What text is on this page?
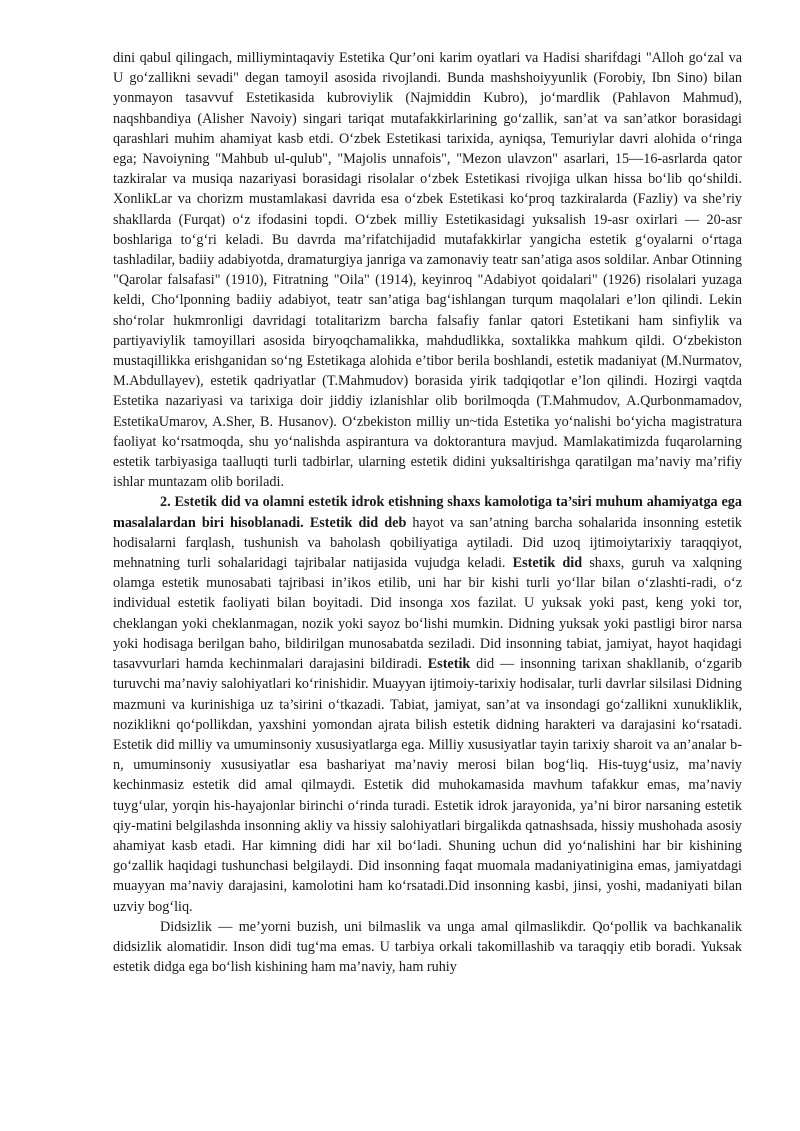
dini qabul qilingach, milliymintaqaviy Estetika Qur’oni karim oyatlari va Hadisi sharifdagi "Alloh go‘zal va U go‘zallikni sevadi" degan tamoyil asosida rivojlandi. Bunda mashshoiyyunlik (Forobiy, Ibn Sino) bilan yonmayon tasavvuf Estetikasida kubroviylik (Najmiddin Kubro), jo‘mardlik (Pahlavon Mahmud), naqshbandiya (Alisher Navoiy) singari tariqat mutafakkirlarining go‘zallik, san’at va san’atkor borasidagi qarashlari muhim ahamiyat kasb etdi. O‘zbek Estetikasi tarixida, ayniqsa, Temuriylar davri alohida o‘ringa ega; Navoiyning "Mahbub ul-qulub", "Majolis unnafois", "Mezon ulavzon" asarlari, 15—16-asrlarda qator tazkiralar va musiqa nazariyasi borasidagi risolalar o‘zbek Estetikasi rivojiga ulkan hissa bo‘lib qo‘shildi. XonlikLar va chorizm mustamlakasi davrida esa o‘zbek Estetikasi ko‘proq tazkiralarda (Fazliy) va she’riy shakllarda (Furqat) o‘z ifodasini topdi. O‘zbek milliy Estetikasidagi yuksalish 19-asr oxirlari — 20-asr boshlariga to‘g‘ri keladi. Bu davrda ma’rifatchijadid mutafakkirlar yangicha estetik g‘oyalarni o‘rtaga tashladilar, badiiy adabiyotda, dramaturgiya janriga va zamonaviy teatr san’atiga asos soldilar. Anbar Otinning "Qarolar falsafasi" (1910), Fitratning "Oila" (1914), keyinroq "Adabiyot qoidalari" (1926) risolalari yuzaga keldi, Cho‘lponning badiiy adabiyot, teatr san’atiga bag‘ishlangan turqum maqolalari e’lon qilindi. Lekin sho‘rolar hukmronligi davridagi totalitarizm barcha falsafiy fanlar qatori Estetikani ham sinfiylik va partiyaviylik tamoyillari asosida biryoqchamalikka, mahdudlikka, soxtalikka mahkum qildi. O‘zbekiston mustaqillikka erishganidan so‘ng Estetikaga alohida e’tibor berila boshlandi, estetik madaniyat (M.Nurmatov, M.Abdullayev), estetik qadriyatlar (T.Mahmudov) borasida yirik tadqiqotlar e’lon qilindi. Hozirgi vaqtda Estetika nazariyasi va tarixiga doir jiddiy izlanishlar olib borilmoqda (T.Mahmudov, A.Qurbonmamadov, EstetikaUmarov, A.Sher, B. Husanov). O‘zbekiston milliy un~tida Estetika yo‘nalishi bo‘yicha magistratura faoliyat ko‘rsatmoqda, shu yo‘nalishda aspirantura va doktorantura mavjud. Mamlakatimizda fuqarolarning estetik tarbiyasiga taalluqti turli tadbirlar, ularning estetik didini yuksaltirishga qaratilgan ma’naviy ma’rifiy ishlar muntazam olib boriladi.

2. Estetik did va olamni estetik idrok etishning shaxs kamolotiga ta’siri muhum ahamiyatga ega masalalardan biri hisoblanadi. Estetik did deb hayot va san’atning barcha sohalarida insonning estetik hodisalarni farqlash, tushunish va baholash qobiliyatiga aytiladi. Did uzoq ijtimoiytarixiy taraqqiyot, mehnatning turli sohalaridagi tajribalar natijasida vujudga keladi. Estetik did shaxs, guruh va xalqning olamga estetik munosabati tajribasi in’ikos etilib, uni har bir kishi turli yo‘llar bilan o‘zlashti-radi, o‘z individual estetik faoliyati bilan boyitadi. Did insonga xos fazilat. U yuksak yoki past, keng yoki tor, cheklangan yoki cheklanmagan, nozik yoki sayoz bo‘lishi mumkin. Didning yuksak yoki pastligi biror narsa yoki hodisaga berilgan baho, bildirilgan munosabatda seziladi. Did insonning tabiat, jamiyat, hayot haqidagi tasavvurlari hamda kechinmalari darajasini bildiradi. Estetik did — insonning tarixan shakllanib, o‘zgarib turuvchi ma’naviy salohiyatlari ko‘rinishidir. Muayyan ijtimoiy-tarixiy hodisalar, turli davrlar silsilasi Didning mazmuni va kurinishiga uz ta’sirini o‘tkazadi. Tabiat, jamiyat, san’at va insondagi go‘zallikni xunukliklik, noziklikni qo‘pollikdan, yaxshini yomondan ajrata bilish estetik didning harakteri va darajasini ko‘rsatadi. Estetik did milliy va umuminsoniy xususiyatlarga ega. Milliy xususiyatlar tayin tarixiy sharoit va an’analar b-n, umuminsoniy xususiyatlar esa bashariyat ma’naviy merosi bilan bog‘liq. His-tuyg‘usiz, ma’naviy kechinmasiz estetik did amal qilmaydi. Estetik did muhokamasida mavhum tafakkur emas, ma’naviy tuyg‘ular, yorqin his-hayajonlar birinchi o‘rinda turadi. Estetik idrok jarayonida, ya’ni biror narsaning estetik qiy-matini belgilashda insonning akliy va hissiy salohiyatlari birgalikda qatnashsada, hissiy mushohada asosiy ahamiyat kasb etadi. Har kimning didi har xil bo‘ladi. Shuning uchun did yo‘nalishini har bir kishining go‘zallik haqidagi tushunchasi belgilaydi. Did insonning faqat muomala madaniyatinigina emas, jamiyatdagi muayyan ma’naviy darajasini, kamolotini ham ko‘rsatadi.Did insonning kasbi, jinsi, yoshi, madaniyati bilan uzviy bog‘liq.

Didsizlik — me’yorni buzish, uni bilmaslik va unga amal qilmaslikdir. Qo‘pollik va bachkanalik didsizlik alomatidir. Inson didi tug‘ma emas. U tarbiya orkali takomillashib va taraqqiy etib boradi. Yuksak estetik didga ega bo‘lish kishining ham ma’naviy, ham ruhiy
